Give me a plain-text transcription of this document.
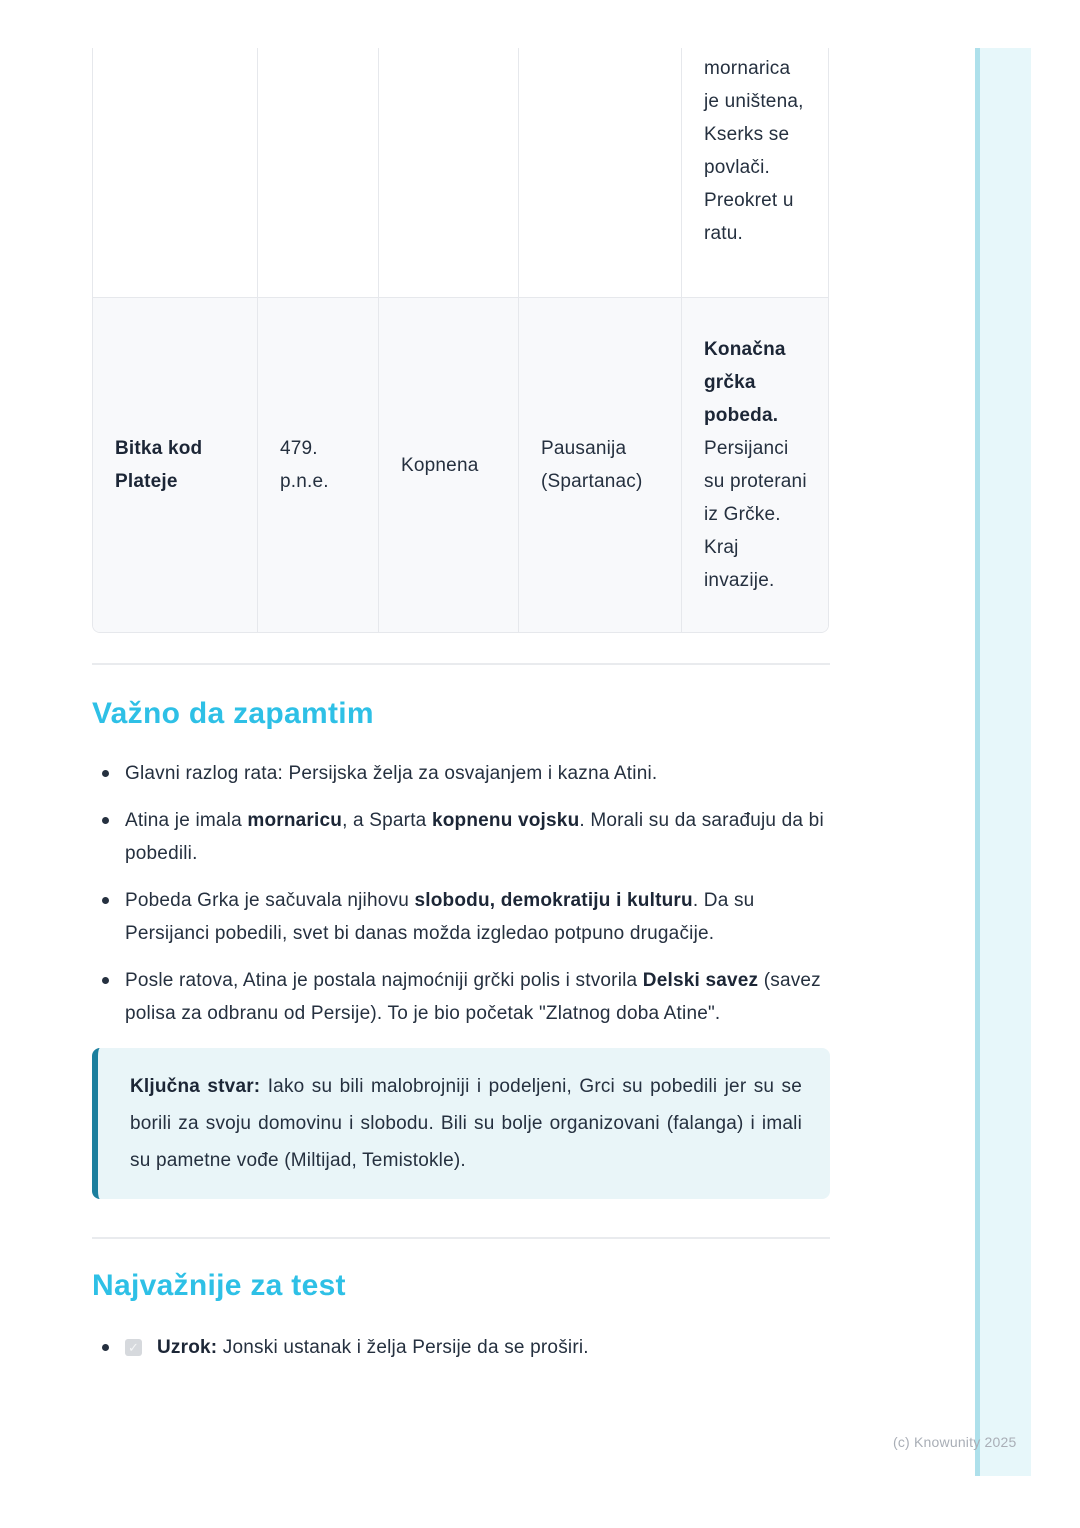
mornarica je uništena, Kserks se povlači. Preokret u ratu.
Bitka kod Plateje
479. p.n.e.
Kopnena
Pausanija (Spartanac)
Konačna grčka pobeda.
Persijanci su proterani iz Grčke. Kraj invazije.
Važno da zapamtim
Glavni razlog rata: Persijska želja za osvajanjem i kazna Atini.
Atina je imala mornaricu, a Sparta kopnenu vojsku. Morali su da sarađuju da bi pobedili.
Pobeda Grka je sačuvala njihovu slobodu, demokratiju i kulturu. Da su Persijanci pobedili, svet bi danas možda izgledao potpuno drugačije.
Posle ratova, Atina je postala najmoćniji grčki polis i stvorila Delski savez (savez polisa za odbranu od Persije). To je bio početak "Zlatnog doba Atine".
Ključna stvar: Iako su bili malobrojniji i podeljeni, Grci su pobedili jer su se borili za svoju domovinu i slobodu. Bili su bolje organizovani (falanga) i imali su pametne vođe (Miltijad, Temistokle).
Najvažnije za test
✓ Uzrok: Jonski ustanak i želja Persije da se proširi.
(c) Knowunity 2025
